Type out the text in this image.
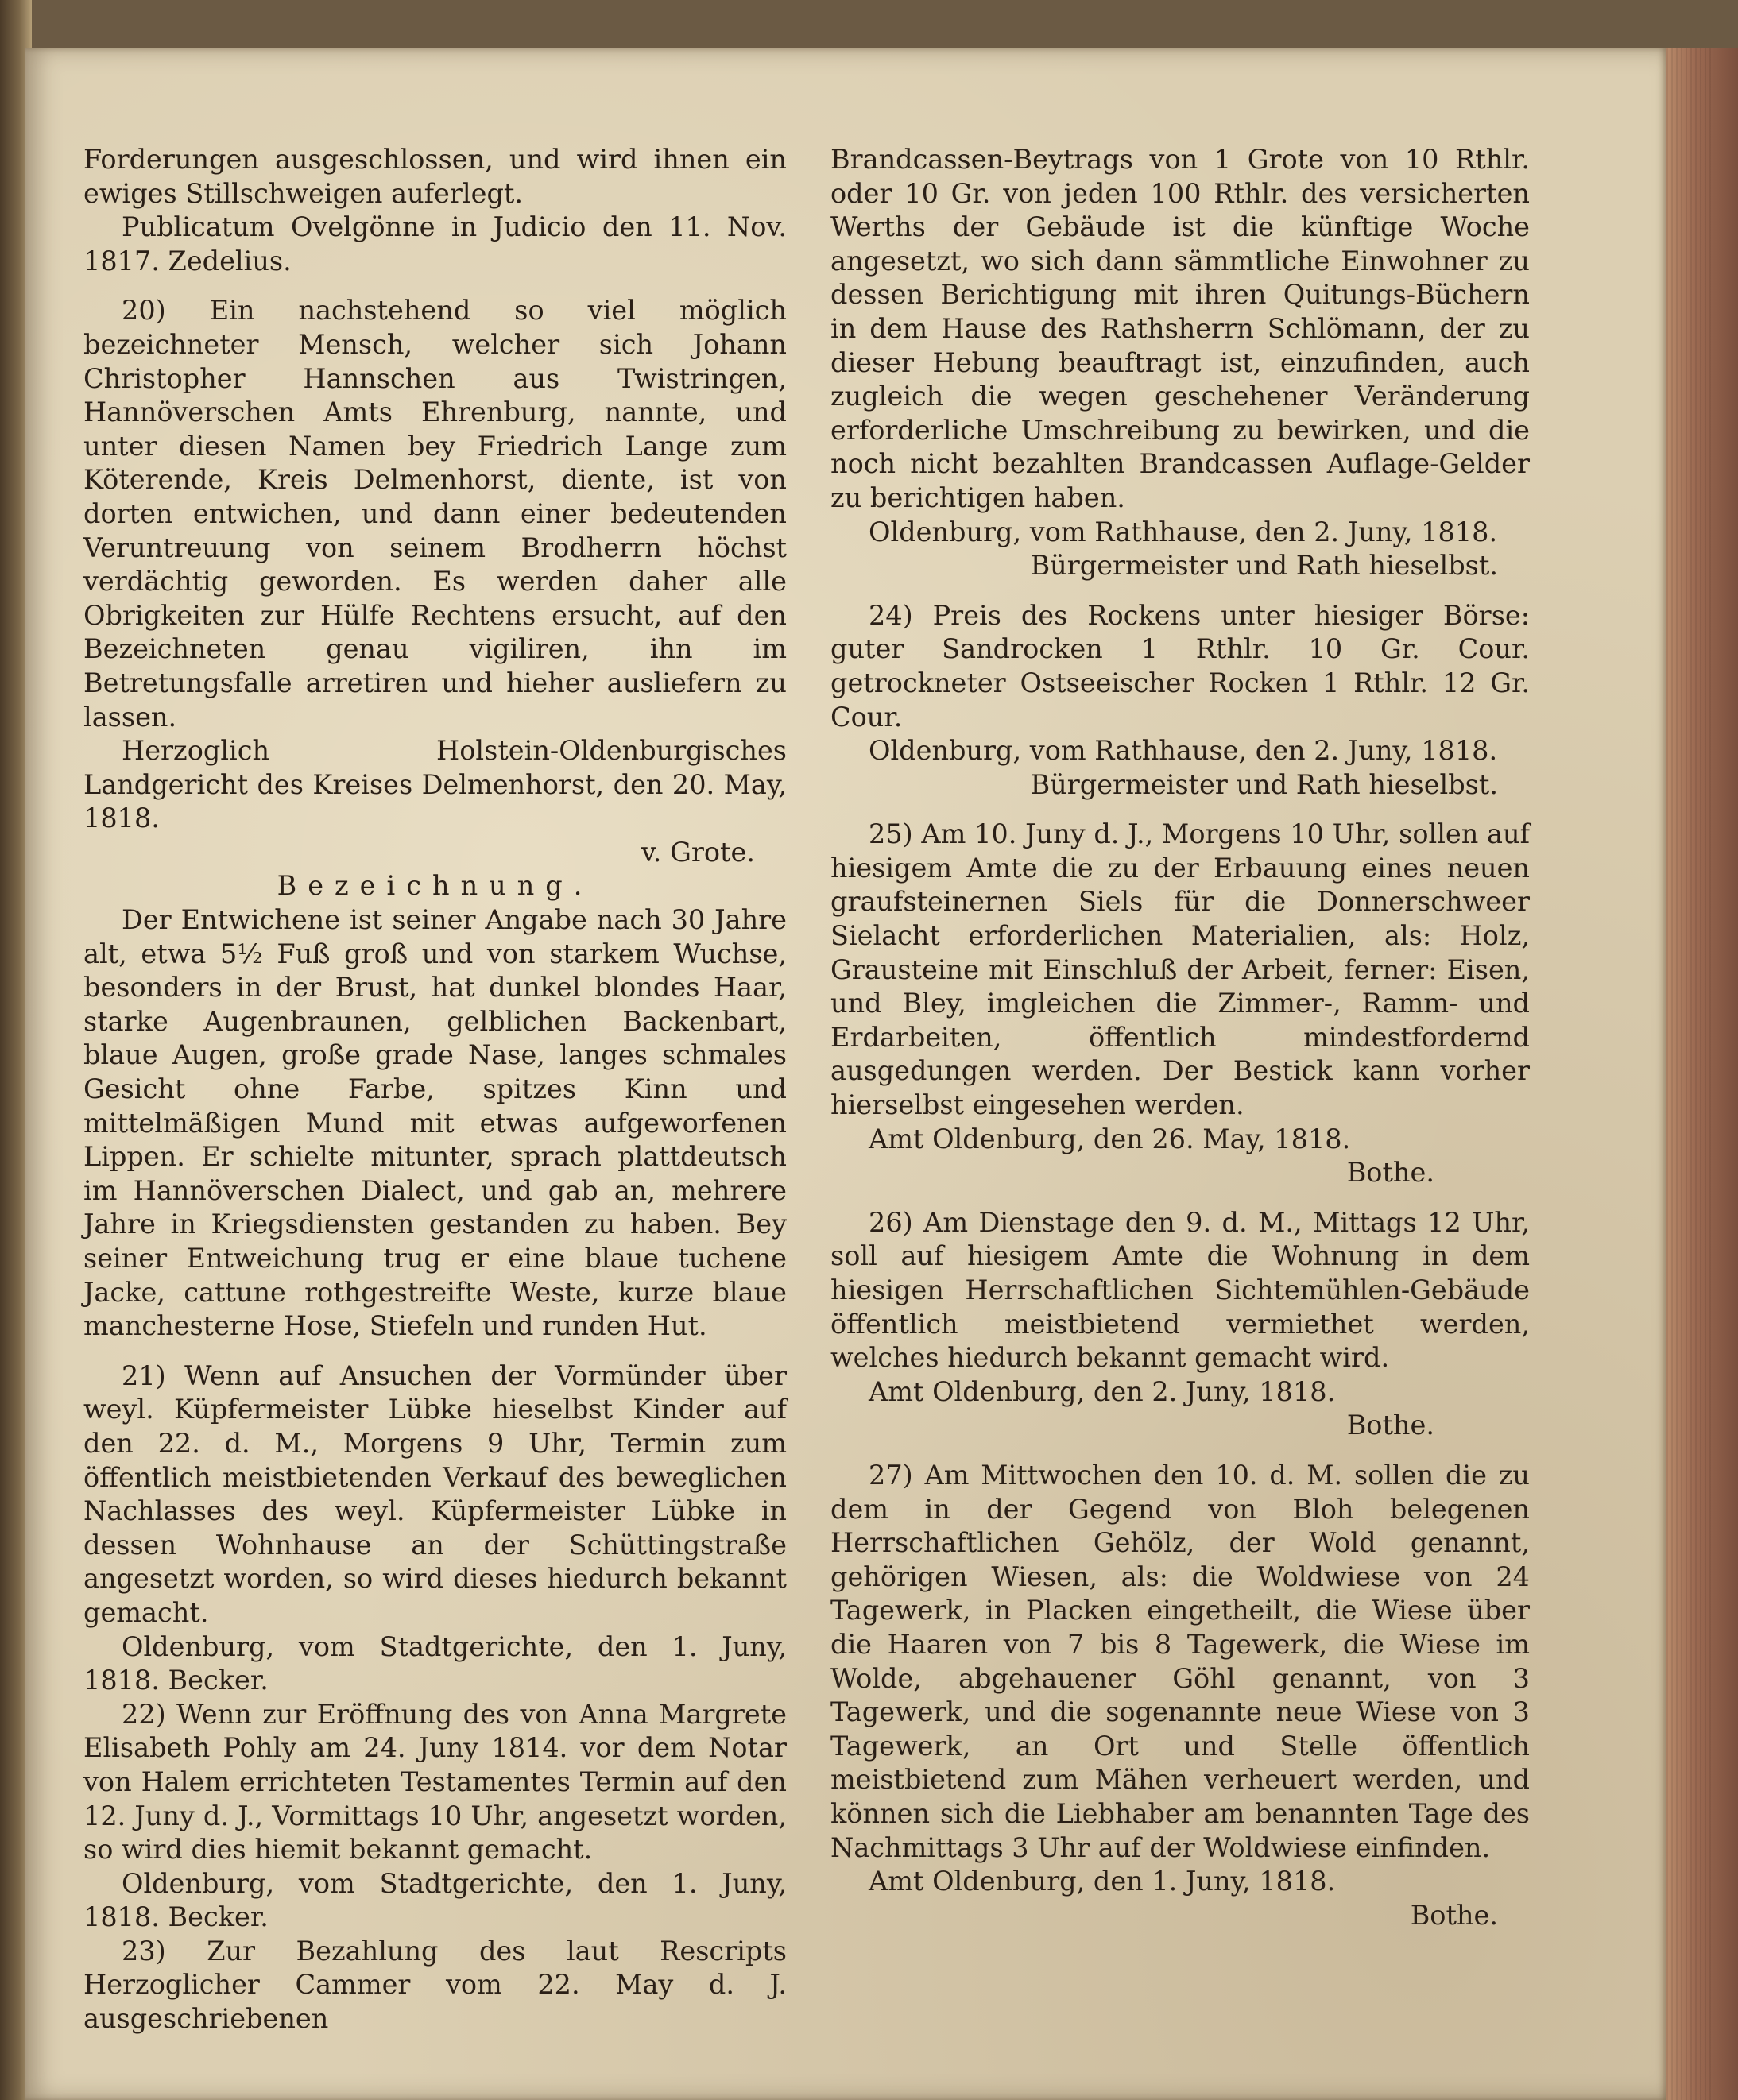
Forderungen ausgeschlossen, und wird ihnen ein ewiges Stillschweigen auferlegt.

Publicatum Ovelgönne in Judicio den 11. Nov. 1817. Zedelius.

20) Ein nachstehend so viel möglich bezeichneter Mensch, welcher sich Johann Christopher Hannschen aus Twistringen, Hannöverschen Amts Ehrenburg, nannte, und unter diesen Namen bey Friedrich Lange zum Köterende, Kreis Delmenhorst, diente, ist von dorten entwichen, und dann einer bedeutenden Veruntreuung von seinem Brodherrn höchst verdächtig geworden. Es werden daher alle Obrigkeiten zur Hülfe Rechtens ersucht, auf den Bezeichneten genau vigiliren, ihn im Betretungsfalle arretiren und hieher ausliefern zu lassen.

Herzoglich Holstein-Oldenburgisches Landgericht des Kreises Delmenhorst, den 20. May, 1818.

v. Grote.

Bezeichnung.

Der Entwichene ist seiner Angabe nach 30 Jahre alt, etwa 5½ Fuß groß und von starkem Wuchse, besonders in der Brust, hat dunkel blondes Haar, starke Augenbraunen, gelblichen Backenbart, blaue Augen, große grade Nase, langes schmales Gesicht ohne Farbe, spitzes Kinn und mittelmäßigen Mund mit etwas aufgeworfenen Lippen. Er schielte mitunter, sprach plattdeutsch im Hannöverschen Dialect, und gab an, mehrere Jahre in Kriegsdiensten gestanden zu haben. Bey seiner Entweichung trug er eine blaue tuchene Jacke, cattune rothgestreifte Weste, kurze blaue manchesterne Hose, Stiefeln und runden Hut.

21) Wenn auf Ansuchen der Vormünder über weyl. Küpfermeister Lübke hieselbst Kinder auf den 22. d. M., Morgens 9 Uhr, Termin zum öffentlich meistbietenden Verkauf des beweglichen Nachlasses des weyl. Küpfermeister Lübke in dessen Wohnhause an der Schüttingstraße angesetzt worden, so wird dieses hiedurch bekannt gemacht.

Oldenburg, vom Stadtgerichte, den 1. Juny, 1818. Becker.

22) Wenn zur Eröffnung des von Anna Margrete Elisabeth Pohly am 24. Juny 1814. vor dem Notar von Halem errichteten Testamentes Termin auf den 12. Juny d. J., Vormittags 10 Uhr, angesetzt worden, so wird dies hiemit bekannt gemacht.

Oldenburg, vom Stadtgerichte, den 1. Juny, 1818. Becker.

23) Zur Bezahlung des laut Rescripts Herzoglicher Cammer vom 22. May d. J. ausgeschriebenen

Brandcassen-Beytrags von 1 Grote von 10 Rthlr. oder 10 Gr. von jeden 100 Rthlr. des versicherten Werths der Gebäude ist die künftige Woche angesetzt, wo sich dann sämmtliche Einwohner zu dessen Berichtigung mit ihren Quitungs-Büchern in dem Hause des Rathsherrn Schlömann, der zu dieser Hebung beauftragt ist, einzufinden, auch zugleich die wegen geschehener Veränderung erforderliche Umschreibung zu bewirken, und die noch nicht bezahlten Brandcassen Auflage-Gelder zu berichtigen haben.

Oldenburg, vom Rathhause, den 2. Juny, 1818.

Bürgermeister und Rath hieselbst.

24) Preis des Rockens unter hiesiger Börse: guter Sandrocken 1 Rthlr. 10 Gr. Cour. getrockneter Ostseeischer Rocken 1 Rthlr. 12 Gr. Cour.

Oldenburg, vom Rathhause, den 2. Juny, 1818.

Bürgermeister und Rath hieselbst.

25) Am 10. Juny d. J., Morgens 10 Uhr, sollen auf hiesigem Amte die zu der Erbauung eines neuen graufsteinernen Siels für die Donnerschweer Sielacht erforderlichen Materialien, als: Holz, Grausteine mit Einschluß der Arbeit, ferner: Eisen, und Bley, imgleichen die Zimmer-, Ramm- und Erdarbeiten, öffentlich mindestfordernd ausgedungen werden. Der Bestick kann vorher hierselbst eingesehen werden.

Amt Oldenburg, den 26. May, 1818.

Bothe.

26) Am Dienstage den 9. d. M., Mittags 12 Uhr, soll auf hiesigem Amte die Wohnung in dem hiesigen Herrschaftlichen Sichtemühlen-Gebäude öffentlich meistbietend vermiethet werden, welches hiedurch bekannt gemacht wird.

Amt Oldenburg, den 2. Juny, 1818.

Bothe.

27) Am Mittwochen den 10. d. M. sollen die zu dem in der Gegend von Bloh belegenen Herrschaftlichen Gehölz, der Wold genannt, gehörigen Wiesen, als: die Woldwiese von 24 Tagewerk, in Placken eingetheilt, die Wiese über die Haaren von 7 bis 8 Tagewerk, die Wiese im Wolde, abgehauener Göhl genannt, von 3 Tagewerk, und die sogenannte neue Wiese von 3 Tagewerk, an Ort und Stelle öffentlich meistbietend zum Mähen verheuert werden, und können sich die Liebhaber am benannten Tage des Nachmittags 3 Uhr auf der Woldwiese einfinden.

Amt Oldenburg, den 1. Juny, 1818.

Bothe.
